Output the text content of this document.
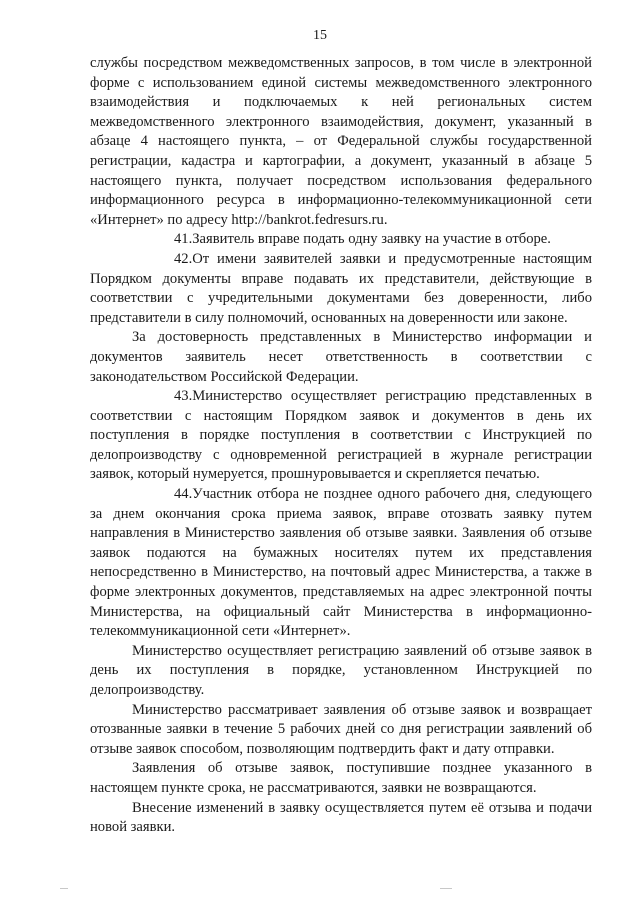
15

службы посредством межведомственных запросов, в том числе в электронной форме с использованием единой системы межведомственного электронного взаимодействия и подключаемых к ней региональных систем межведомственного электронного взаимодействия, документ, указанный в абзаце 4 настоящего пункта, – от Федеральной службы государственной регистрации, кадастра и картографии, а документ, указанный в абзаце 5 настоящего пункта, получает посредством использования федерального информационного ресурса в информационно-телекоммуникационной сети «Интернет» по адресу http://bankrot.fedresurs.ru.

41.Заявитель вправе подать одну заявку на участие в отборе.

42.От имени заявителей заявки и предусмотренные настоящим Порядком документы вправе подавать их представители, действующие в соответствии с учредительными документами без доверенности, либо представители в силу полномочий, основанных на доверенности или законе.

За достоверность представленных в Министерство информации и документов заявитель несет ответственность в соответствии с законодательством Российской Федерации.

43.Министерство осуществляет регистрацию представленных в соответствии с настоящим Порядком заявок и документов в день их поступления в порядке поступления в соответствии с Инструкцией по делопроизводству с одновременной регистрацией в журнале регистрации заявок, который нумеруется, прошнуровывается и скрепляется печатью.

44.Участник отбора не позднее одного рабочего дня, следующего за днем окончания срока приема заявок, вправе отозвать заявку путем направления в Министерство заявления об отзыве заявки. Заявления об отзыве заявок подаются на бумажных носителях путем их представления непосредственно в Министерство, на почтовый адрес Министерства, а также в форме электронных документов, представляемых на адрес электронной почты Министерства, на официальный сайт Министерства в информационно-телекоммуникационной сети «Интернет».

Министерство осуществляет регистрацию заявлений об отзыве заявок в день их поступления в порядке, установленном Инструкцией по делопроизводству.

Министерство рассматривает заявления об отзыве заявок и возвращает отозванные заявки в течение 5 рабочих дней со дня регистрации заявлений об отзыве заявок способом, позволяющим подтвердить факт и дату отправки.

Заявления об отзыве заявок, поступившие позднее указанного в настоящем пункте срока, не рассматриваются, заявки не возвращаются.

Внесение изменений в заявку осуществляется путем её отзыва и подачи новой заявки.
